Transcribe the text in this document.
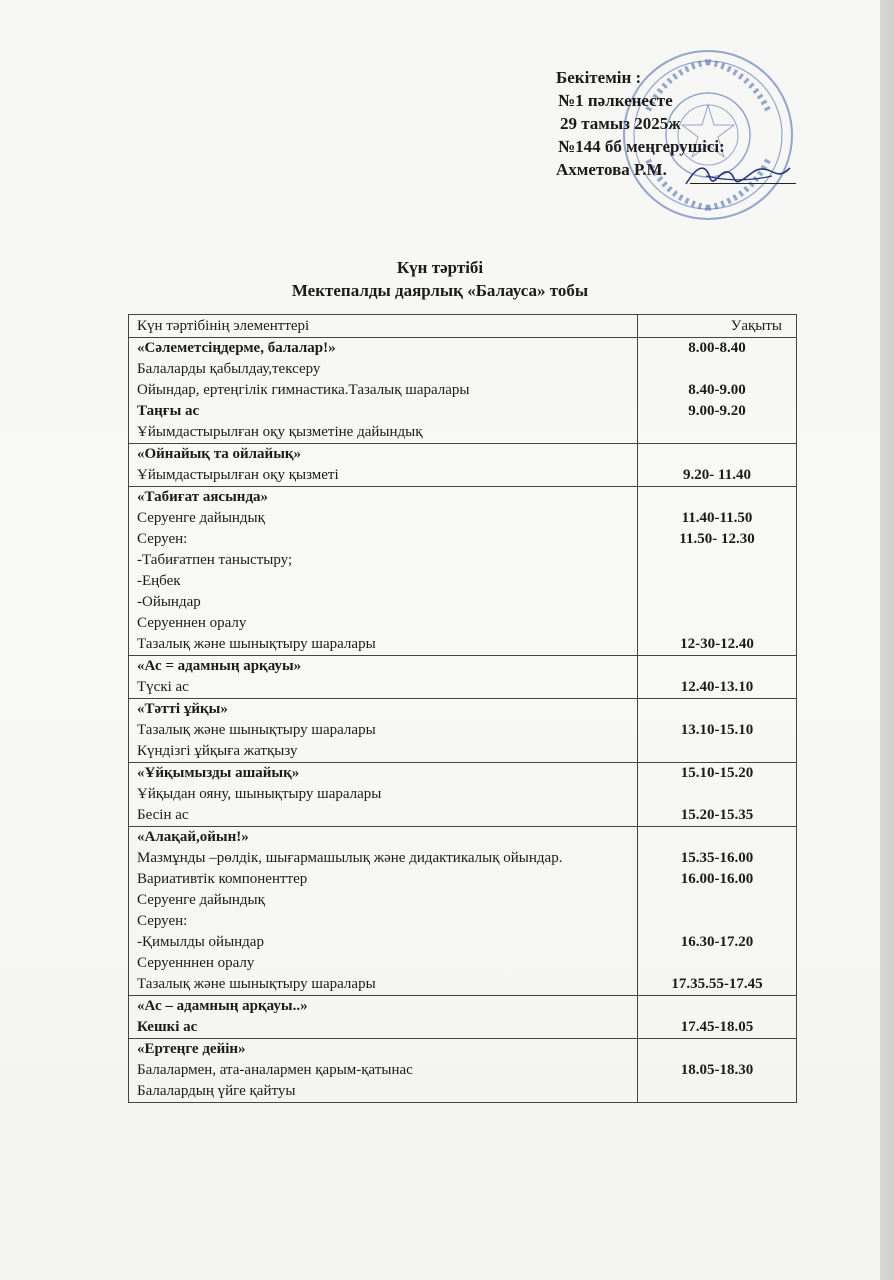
Бекітемін :
№1 пәлкенесте
29 тамыз 2025ж
№144 бб меңгерушісі:
Ахметова Р.М.
Күн тәртібі
Мектепалды даярлық «Балауса» тобы
Күн тәртібінің элементтері	Уақыты
«Сәлеметсіңдерме, балалар!»	8.00-8.40
Балаларды қабылдау,тексеру
Ойындар, ертеңгілік гимнастика.Тазалық шаралары	8.40-9.00
Таңғы ас	9.00-9.20
Ұйымдастырылған оқу қызметіне дайындық
«Ойнайық та ойлайық»
Ұйымдастырылған оқу қызметі	9.20- 11.40
«Табиғат аясында»
Серуенге дайындық	11.40-11.50
Серуен:	11.50- 12.30
-Табиғатпен таныстыру;
-Еңбек
-Ойындар
Серуеннен оралу
Тазалық және шынықтыру шаралары	12-30-12.40
«Ас = адамның арқауы»
Түскі ас	12.40-13.10
«Тәтті ұйқы»
Тазалық және шынықтыру шаралары	13.10-15.10
Күндізгі ұйқыға жатқызу
«Ұйқымызды ашайық»	15.10-15.20
Ұйқыдан ояну, шынықтыру шаралары
Бесін ас	15.20-15.35
«Алақай,ойын!»
Мазмұнды –рөлдік, шығармашылық және дидактикалық ойындар.	15.35-16.00
Вариативтік компоненттер	16.00-16.00
Серуенге дайындық
Серуен:
-Қимылды ойындар	16.30-17.20
Серуенннен оралу
Тазалық және шынықтыру шаралары	17.35.55-17.45
«Ас – адамның арқауы..»
Кешкі ас	17.45-18.05
«Ертеңге дейін»
Балалармен, ата-аналармен қарым-қатынас	18.05-18.30
Балалардың үйге қайтуы
